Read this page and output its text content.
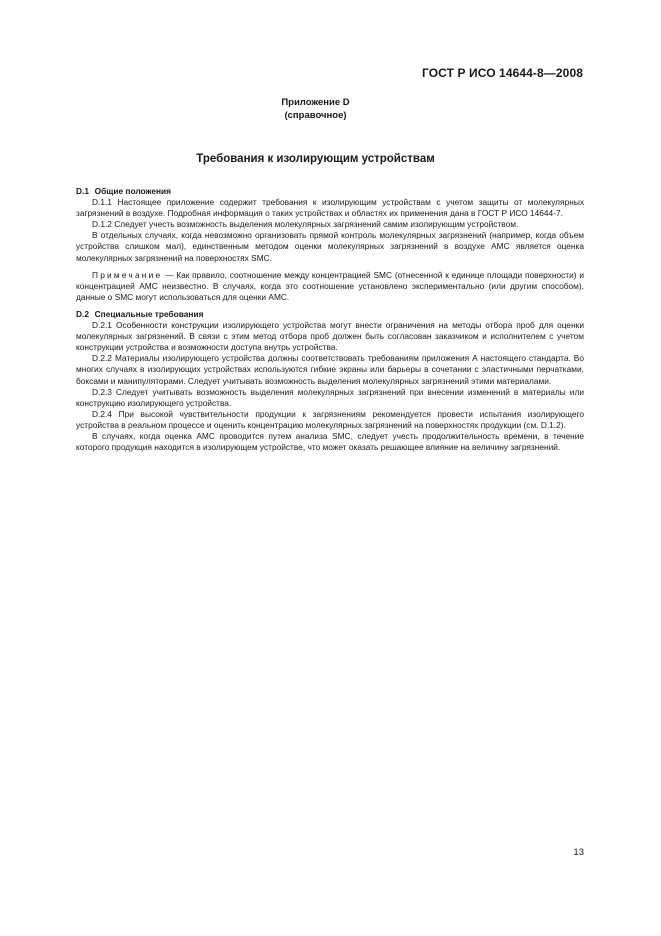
ГОСТ Р ИСО 14644-8—2008
Приложение D
(справочное)
Требования к изолирующим устройствам
D.1 Общие положения

D.1.1 Настоящее приложение содержит требования к изолирующим устройствам с учетом защиты от молекулярных загрязнений в воздухе. Подробная информация о таких устройствах и областях их применения дана в ГОСТ Р ИСО 14644-7.

D.1.2 Следует учесть возможность выделения молекулярных загрязнений самим изолирующим устройством.

В отдельных случаях, когда невозможно организовать прямой контроль молекулярных загрязнений (например, когда объем устройства слишком мал), единственным методом оценки молекулярных загрязнений в воздухе АМС является оценка молекулярных загрязнений на поверхностях SMC.

Примечание — Как правило, соотношение между концентрацией SMC (отнесенной к единице площади поверхности) и концентрацией АМС неизвестно. В случаях, когда это соотношение установлено экспериментально (или другим способом), данные о SMC могут использоваться для оценки АМС.

D.2 Специальные требования

D.2.1 Особенности конструкции изолирующего устройства могут внести ограничения на методы отбора проб для оценки молекулярных загрязнений. В связи с этим метод отбора проб должен быть согласован заказчиком и исполнителем с учетом конструкции устройства и возможности доступа внутрь устройства.

D.2.2 Материалы изолирующего устройства должны соответствовать требованиям приложения А настоящего стандарта. Во многих случаях в изолирующих устройствах используются гибкие экраны или барьеры в сочетании с эластичными перчатками, боксами и манипуляторами. Следует учитывать возможность выделения молекулярных загрязнений этими материалами.

D.2.3 Следует учитывать возможность выделения молекулярных загрязнений при внесении изменений в материалы или конструкцию изолирующего устройства.

D.2.4 При высокой чувствительности продукции к загрязнениям рекомендуется провести испытания изолирующего устройства в реальном процессе и оценить концентрацию молекулярных загрязнений на поверхностях продукции (см. D.1.2).

В случаях, когда оценка АМС проводится путем анализа SMC, следует учесть продолжительность времени, в течение которого продукция находится в изолирующем устройстве, что может оказать решающее влияние на величину загрязнений.

13
